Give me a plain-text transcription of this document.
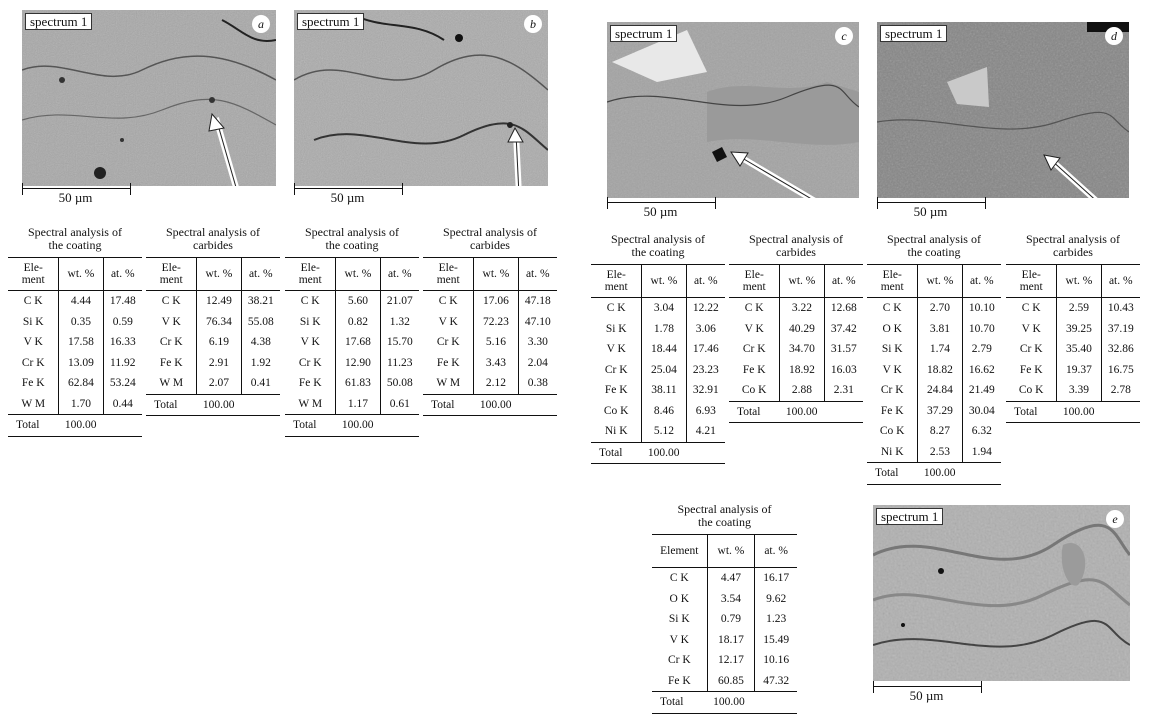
spectrum 1	a
50 µm
spectrum 1	b
50 µm
spectrum 1	c
50 µm
spectrum 1	d
50 µm
spectrum 1	e
50 µm
Spectral analysis of
the coating
Ele-
ment	wt. %	at. %
C K	4.44	17.48
Si K	0.35	0.59
V K	17.58	16.33
Cr K	13.09	11.92
Fe K	62.84	53.24
W M	1.70	0.44
Total	100.00	
Spectral analysis of
carbides
Ele-
ment	wt. %	at. %
C K	12.49	38.21
V K	76.34	55.08
Cr K	6.19	4.38
Fe K	2.91	1.92
W M	2.07	0.41
Total	100.00	
Spectral analysis of
the coating
Ele-
ment	wt. %	at. %
C K	5.60	21.07
Si K	0.82	1.32
V K	17.68	15.70
Cr K	12.90	11.23
Fe K	61.83	50.08
W M	1.17	0.61
Total	100.00	
Spectral analysis of
carbides
Ele-
ment	wt. %	at. %
C K	17.06	47.18
V K	72.23	47.10
Cr K	5.16	3.30
Fe K	3.43	2.04
W M	2.12	0.38
Total	100.00	
Spectral analysis of
the coating
Ele-
ment	wt. %	at. %
C K	3.04	12.22
Si K	1.78	3.06
V K	18.44	17.46
Cr K	25.04	23.23
Fe K	38.11	32.91
Co K	8.46	6.93
Ni K	5.12	4.21
Total	100.00	
Spectral analysis of
carbides
Ele-
ment	wt. %	at. %
C K	3.22	12.68
V K	40.29	37.42
Cr K	34.70	31.57
Fe K	18.92	16.03
Co K	2.88	2.31
Total	100.00	
Spectral analysis of
the coating
Ele-
ment	wt. %	at. %
C K	2.70	10.10
O K	3.81	10.70
Si K	1.74	2.79
V K	18.82	16.62
Cr K	24.84	21.49
Fe K	37.29	30.04
Co K	8.27	6.32
Ni K	2.53	1.94
Total	100.00	
Spectral analysis of
carbides
Ele-
ment	wt. %	at. %
C K	2.59	10.43
V K	39.25	37.19
Cr K	35.40	32.86
Fe K	19.37	16.75
Co K	3.39	2.78
Total	100.00	
Spectral analysis of
the coating
Element	wt. %	at. %
C K	4.47	16.17
O K	3.54	9.62
Si K	0.79	1.23
V K	18.17	15.49
Cr K	12.17	10.16
Fe K	60.85	47.32
Total	100.00	
